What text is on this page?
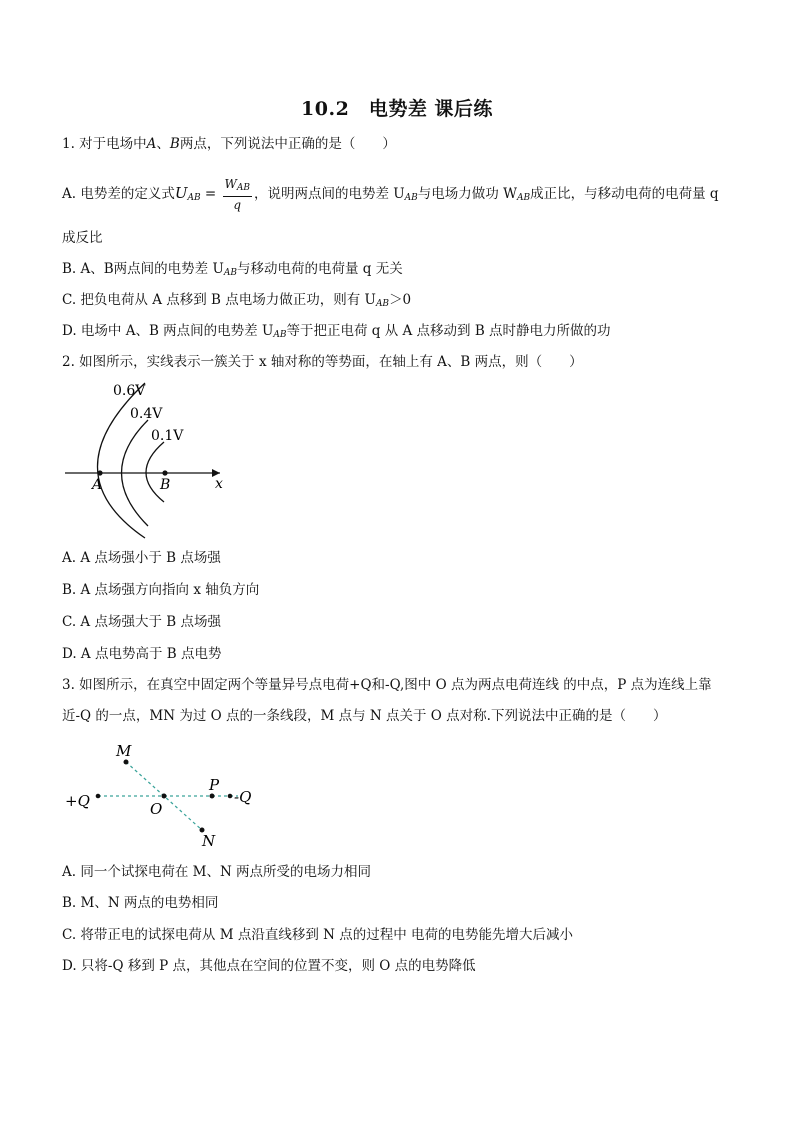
10.2　电势差 课后练
1. 对于电场中A、B两点，下列说法中正确的是（　　）
A. 电势差的定义式$U_{AB} = \frac{W_{AB}}{q}$ ，说明两点间的电势差 $U_{AB}$与电场力做功 $W_{AB}$成正比，与移动电荷的电荷量 q
成反比
B. A、B两点间的电势差 $U_{AB}$与移动电荷的电荷量 q 无关
C. 把负电荷从 A 点移到 B 点电场力做正功，则有 $U_{AB}>0$
D. 电场中 A、B 两点间的电势差 $U_{AB}$等于把正电荷 q 从 A 点移动到 B 点时静电力所做的功
2. 如图所示，实线表示一簇关于 x 轴对称的等势面，在轴上有 A、B 两点，则（　　）
0.6V
0.4V
0.1V
A	B	x
A. A 点场强小于 B 点场强
B. A 点场强方向指向 x 轴负方向
C. A 点场强大于 B 点场强
D. A 点电势高于 B 点电势
3. 如图所示，在真空中固定两个等量异号点电荷+Q和-Q,图中 O 点为两点电荷连线 的中点，P 点为连线上靠
近-Q 的一点，MN 为过 O 点的一条线段，M 点与 N 点关于 O 点对称.下列说法中正确的是（　　）
M
N
O
P
+Q	-Q
A. 同一个试探电荷在 M、N 两点所受的电场力相同
B. M、N 两点的电势相同
C. 将带正电的试探电荷从 M 点沿直线移到 N 点的过程中 电荷的电势能先增大后减小
D. 只将-Q 移到 P 点，其他点在空间的位置不变，则 O 点的电势降低
